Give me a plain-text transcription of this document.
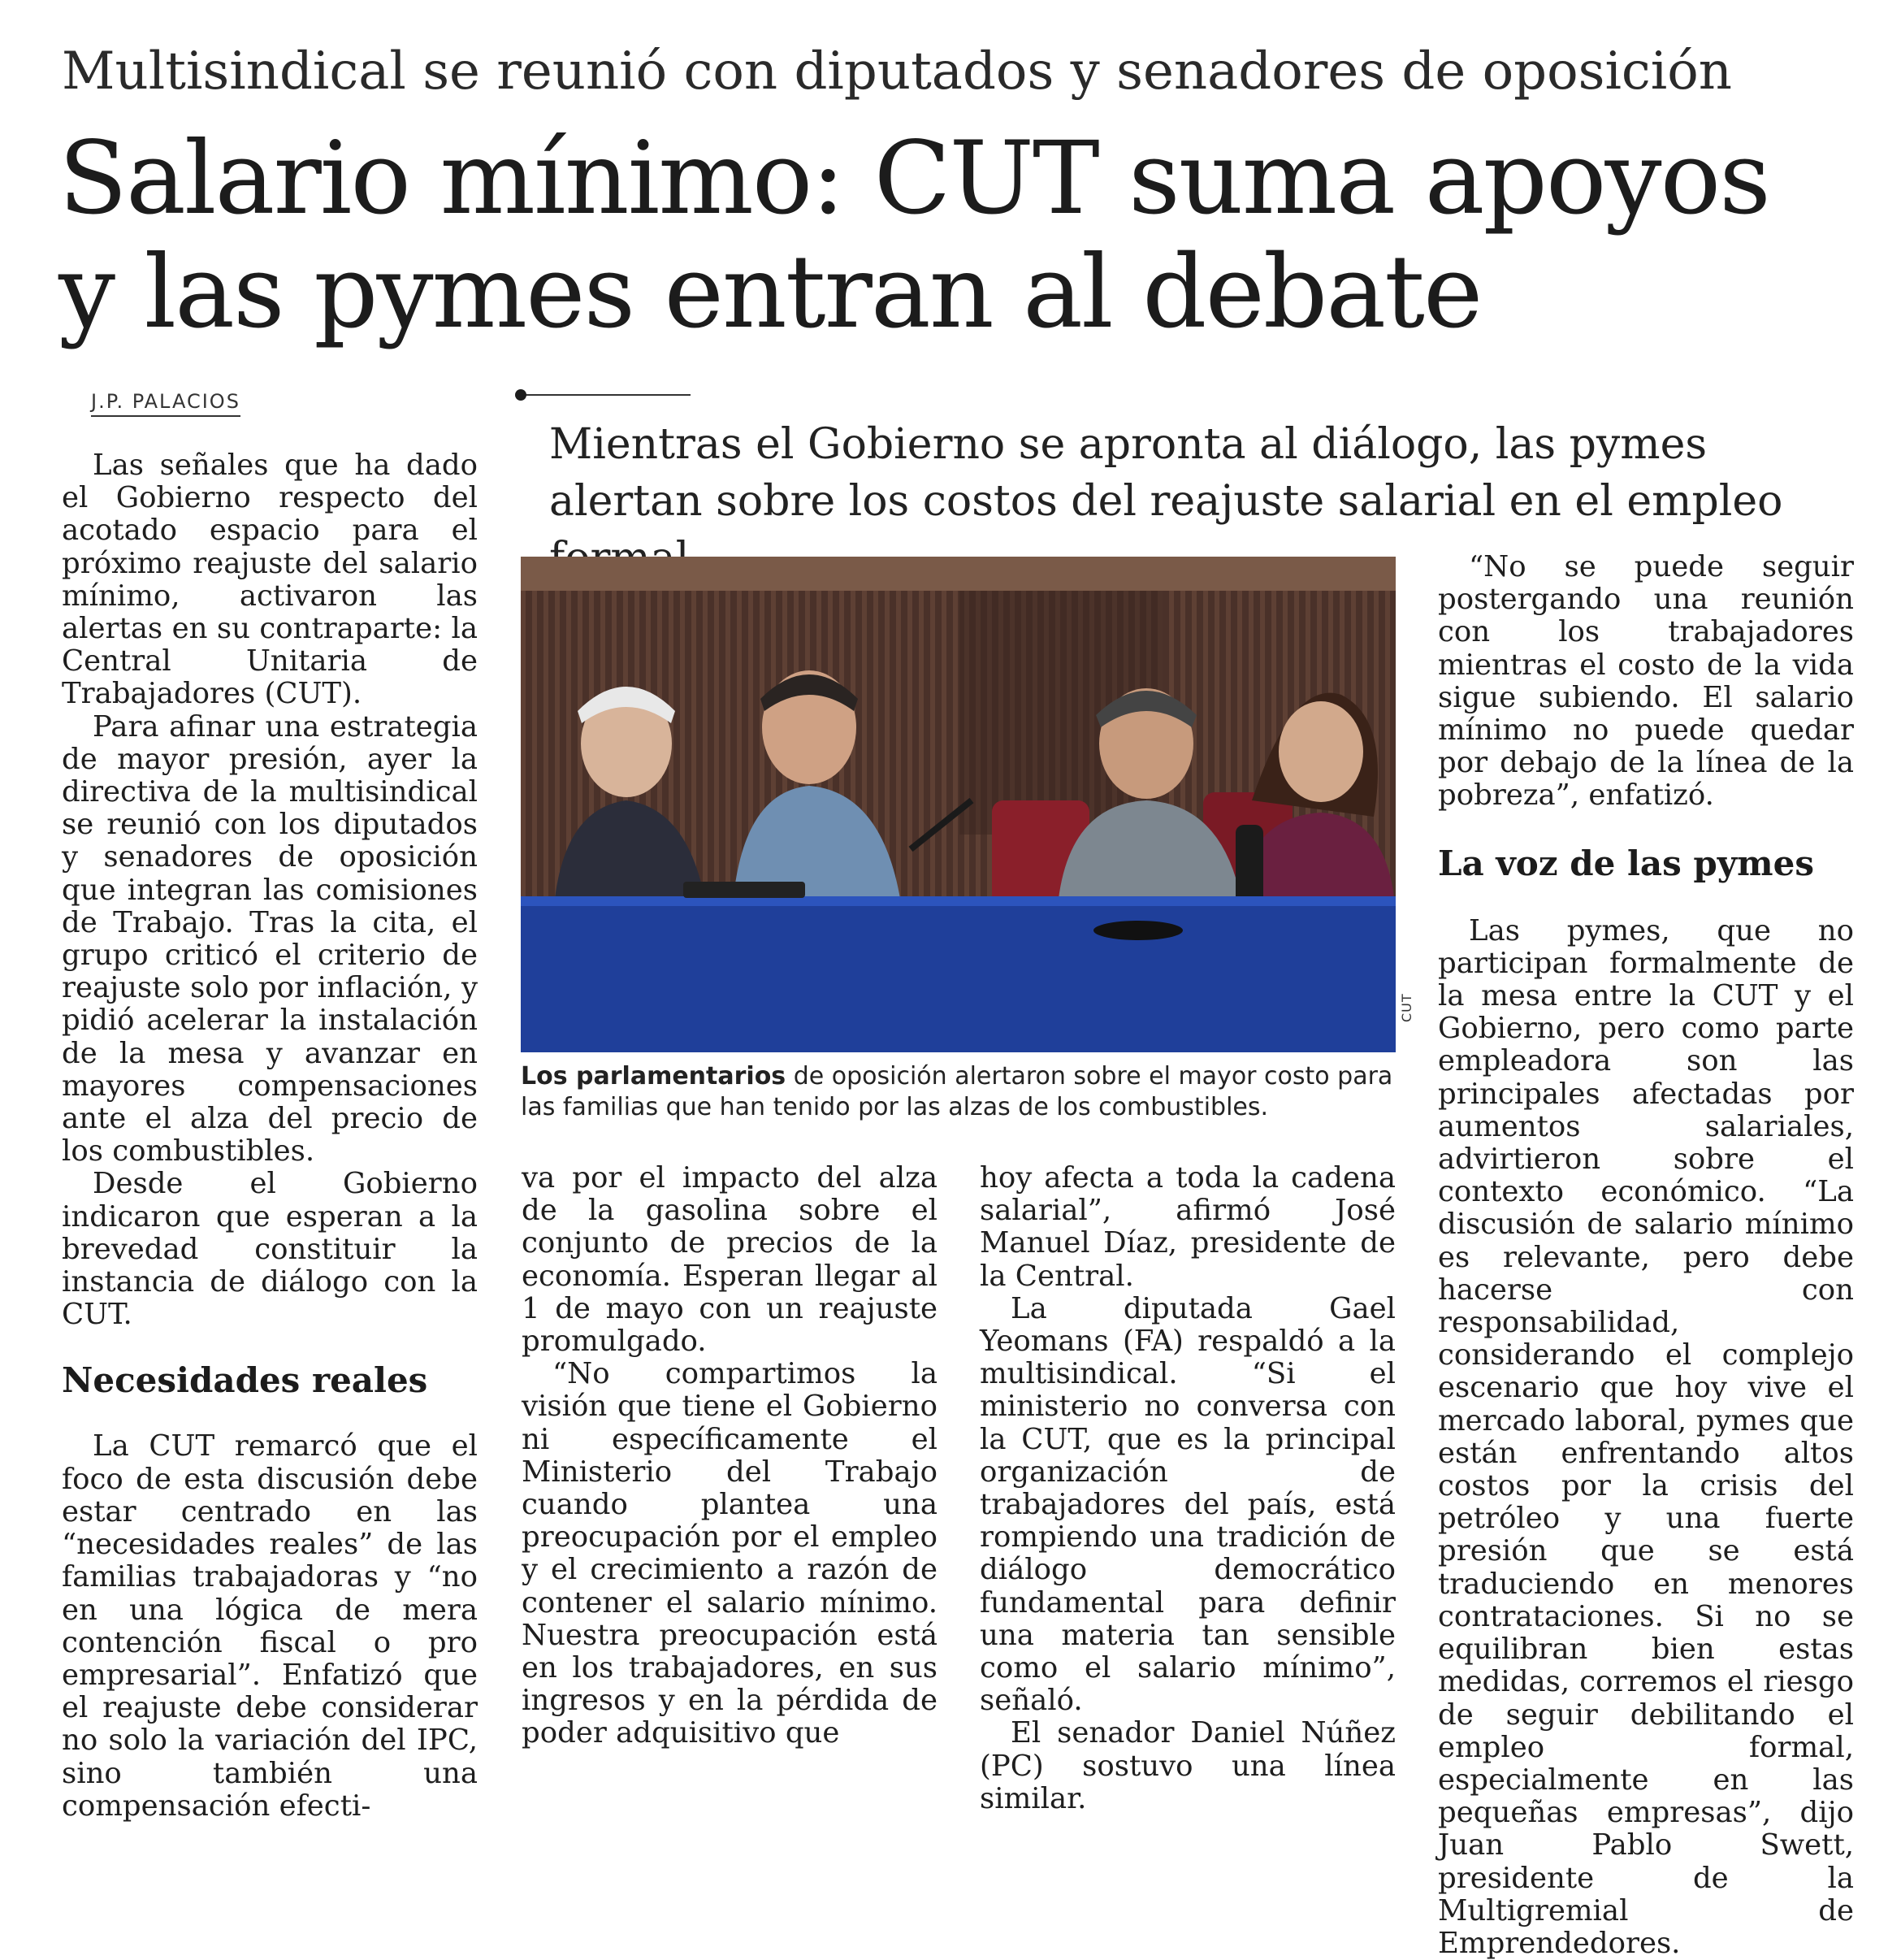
Multisindical se reunió con diputados y senadores de oposición
Salario mínimo: CUT suma apoyos
y las pymes entran al debate
J.P. PALACIOS
Mientras el Gobierno se apronta al diálogo, las pymes alertan sobre los costos del reajuste salarial en el empleo

Las señales que ha dado el Gobierno respecto del acotado espacio para el próximo reajuste del salario mínimo, activaron las alertas en su contraparte: la Central Unitaria de Trabajadores (CUT).

Para afinar una estrategia de mayor presión, ayer la directiva de la multisindical se reunió con los diputados y senadores de oposición que integran las comisiones de Trabajo. Tras la cita, el grupo criticó el criterio de reajuste solo por inflación, y pidió acelerar la instalación de la mesa y avanzar en mayores compensaciones ante el alza del precio de los combustibles.

Desde el Gobierno indicaron que esperan a la brevedad constituir la instancia de diálogo con la CUT.

Necesidades reales

La CUT remarcó que el foco de esta discusión debe estar centrado en las “necesidades reales” de las familias trabajadoras y “no en una lógica de mera contención fiscal o pro empresarial”. Enfatizó que el reajuste debe considerar no solo la variación del IPC, sino también una compensación efecti-

CUT
Los parlamentarios de oposición alertaron sobre el mayor costo para las familias que han tenido por las alzas de los combustibles.

va por el impacto del alza de la gasolina sobre el conjunto de precios de la economía. Esperan llegar al 1 de mayo con un reajuste promulgado.

“No compartimos la visión que tiene el Gobierno ni específicamente el Ministerio del Trabajo cuando plantea una preocupación por el empleo y el crecimiento a razón de contener el salario mínimo. Nuestra preocupación está en los trabajadores, en sus ingresos y en la pérdida de poder adquisitivo que

hoy afecta a toda la cadena salarial”, afirmó José Manuel Díaz, presidente de la Central.

La diputada Gael Yeomans (FA) respaldó a la multisindical. “Si el ministerio no conversa con la CUT, que es la principal organización de trabajadores del país, está rompiendo una tradición de diálogo democrático fundamental para definir una materia tan sensible como el salario mínimo”, señaló.

El senador Daniel Núñez (PC) sostuvo una línea similar.

“No se puede seguir postergando una reunión con los trabajadores mientras el costo de la vida sigue subiendo. El salario mínimo no puede quedar por debajo de la línea de la pobreza”, enfatizó.

La voz de las pymes

Las pymes, que no participan formalmente de la mesa entre la CUT y el Gobierno, pero como parte empleadora son las principales afectadas por aumentos salariales, advirtieron sobre el contexto económico. “La discusión de salario mínimo es relevante, pero debe hacerse con responsabilidad, considerando el complejo escenario que hoy vive el mercado laboral, pymes que están enfrentando altos costos por la crisis del petróleo y una fuerte presión que se está traduciendo en menores contrataciones. Si no se equilibran bien estas medidas, corremos el riesgo de seguir debilitando el empleo formal, especialmente en las pequeñas empresas”, dijo Juan Pablo Swett, presidente de la Multigremial de Emprendedores.
